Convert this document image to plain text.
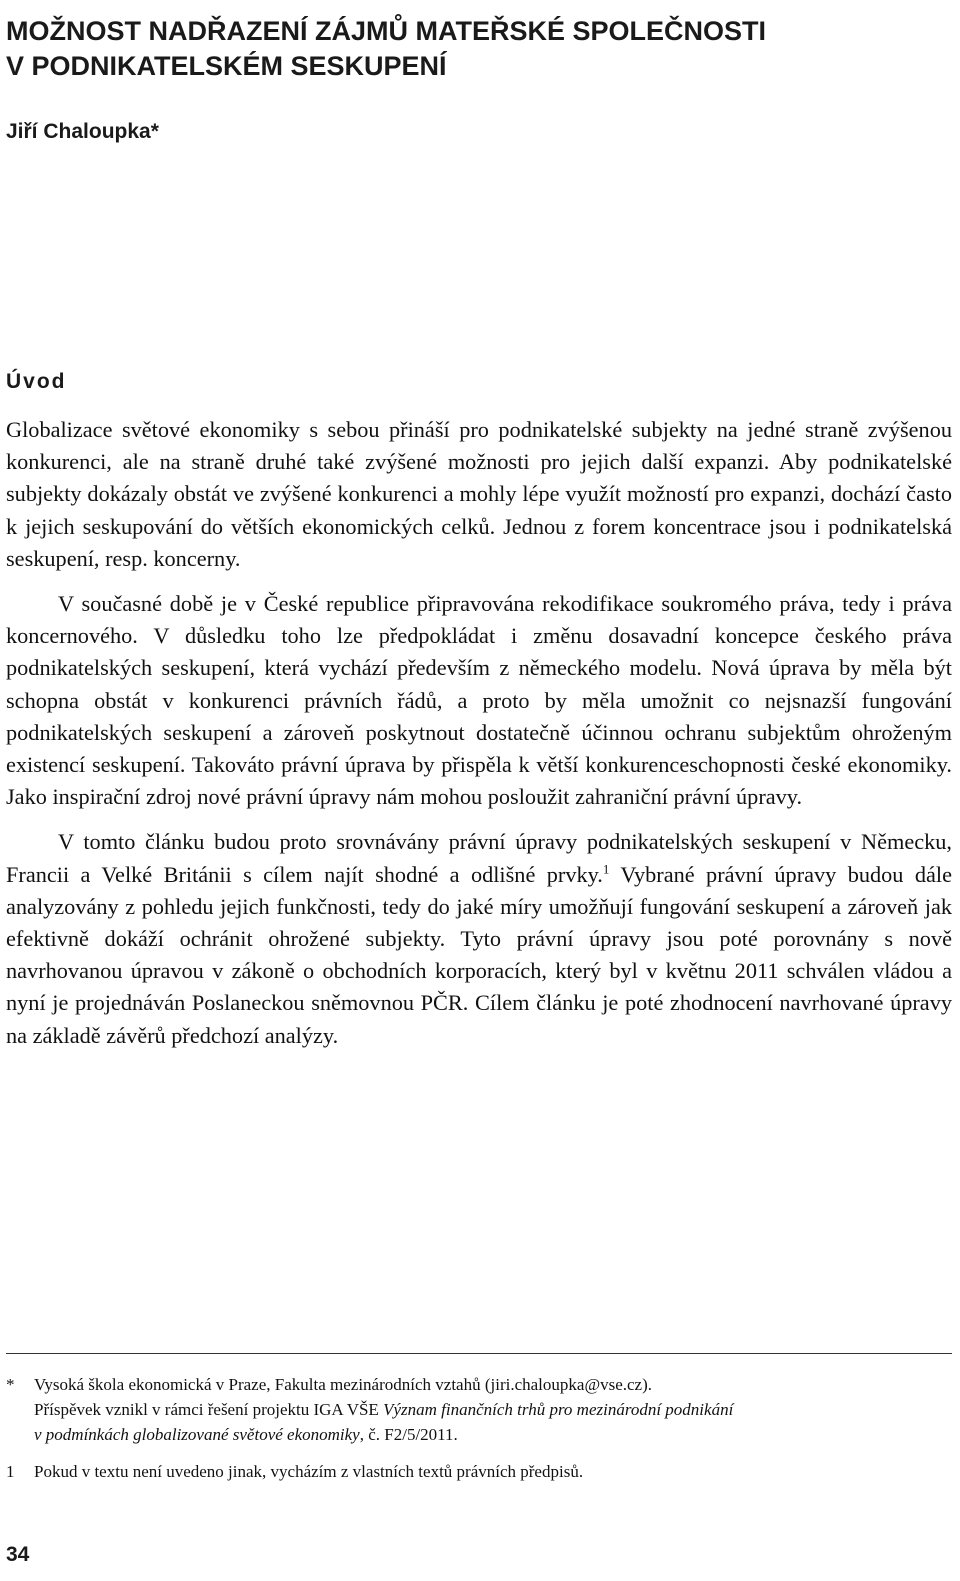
MOŽNOST NADŘAZENÍ ZÁJMŮ MATEŘSKÉ SPOLEČNOSTI
V PODNIKATELSKÉM SESKUPENÍ
Jiří Chaloupka*
Úvod

Globalizace světové ekonomiky s sebou přináší pro podnikatelské subjekty na jedné straně zvýšenou konkurenci, ale na straně druhé také zvýšené možnosti pro jejich další expanzi. Aby podnikatelské subjekty dokázaly obstát ve zvýšené konkurenci a mohly lépe využít možností pro expanzi, dochází často k jejich seskupování do větších ekonomických celků. Jednou z forem koncentrace jsou i podnikatelská seskupení, resp. koncerny.

V současné době je v České republice připravována rekodifikace soukromého práva, tedy i práva koncernového. V důsledku toho lze předpokládat i změnu dosavadní koncepce českého práva podnikatelských seskupení, která vychází především z německého modelu. Nová úprava by měla být schopna obstát v konkurenci právních řádů, a proto by měla umožnit co nejsnazší fungování podnikatelských seskupení a zároveň poskytnout dostatečně účinnou ochranu subjektům ohroženým existencí seskupení. Takováto právní úprava by přispěla k větší konkurenceschopnosti české ekonomiky. Jako inspirační zdroj nové právní úpravy nám mohou posloužit zahraniční právní úpravy.

V tomto článku budou proto srovnávány právní úpravy podnikatelských seskupení v Německu, Francii a Velké Británii s cílem najít shodné a odlišné prvky.$^1$ Vybrané právní úpravy budou dále analyzovány z pohledu jejich funkčnosti, tedy do jaké míry umožňují fungování seskupení a zároveň jak efektivně dokáží ochránit ohrožené subjekty. Tyto právní úpravy jsou poté porovnány s nově navrhovanou úpravou v zákoně o obchodních korporacích, který byl v květnu 2011 schválen vládou a nyní je projednáván Poslaneckou sněmovnou PČR. Cílem článku je poté zhodnocení navrhované úpravy na základě závěrů předchozí analýzy.

*	Vysoká škola ekonomická v Praze, Fakulta mezinárodních vztahů (jiri.chaloupka@vse.cz).
Příspěvek vznikl v rámci řešení projektu IGA VŠE Význam finančních trhů pro mezinárodní podnikání
v podmínkách globalizované světové ekonomiky, č. F2/5/2011.
1	Pokud v textu není uvedeno jinak, vycházím z vlastních textů právních předpisů.
34
